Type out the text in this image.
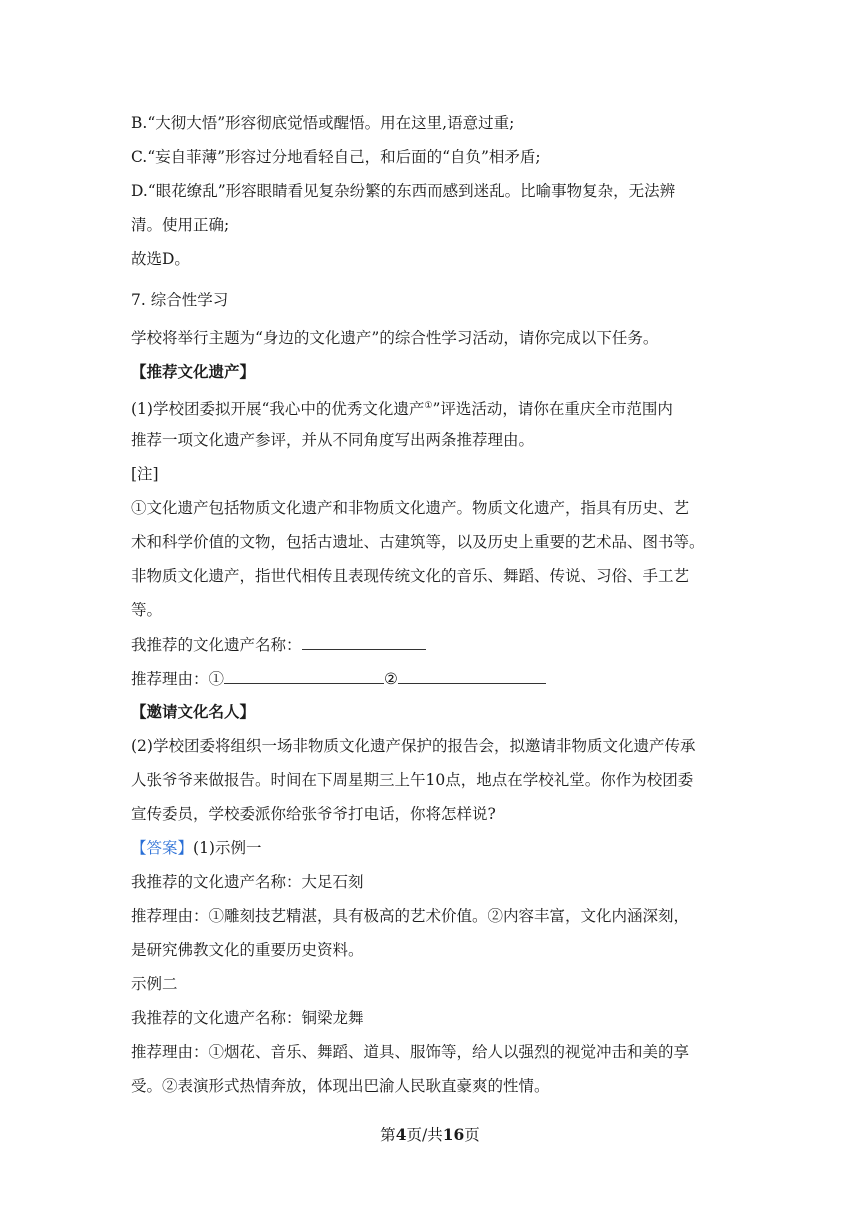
B.“大彻大悟”形容彻底觉悟或醒悟。用在这里,语意过重;
C.“妄自菲薄”形容过分地看轻自己，和后面的“自负”相矛盾;
D.“眼花缭乱”形容眼睛看见复杂纷繁的东西而感到迷乱。比喻事物复杂，无法辨
清。使用正确;
故选D。
7. 综合性学习
学校将举行主题为“身边的文化遗产”的综合性学习活动，请你完成以下任务。
【推荐文化遗产】
(1)学校团委拟开展“我心中的优秀文化遗产①”评选活动，请你在重庆全市范围内
推荐一项文化遗产参评，并从不同角度写出两条推荐理由。
[注]
①文化遗产包括物质文化遗产和非物质文化遗产。物质文化遗产，指具有历史、艺
术和科学价值的文物，包括古遗址、古建筑等，以及历史上重要的艺术品、图书等。
非物质文化遗产，指世代相传且表现传统文化的音乐、舞蹈、传说、习俗、手工艺
等。
我推荐的文化遗产名称：
推荐理由：①	②
【邀请文化名人】
(2)学校团委将组织一场非物质文化遗产保护的报告会，拟邀请非物质文化遗产传承
人张爷爷来做报告。时间在下周星期三上午10点，地点在学校礼堂。你作为校团委
宣传委员，学校委派你给张爷爷打电话，你将怎样说?
【答案】(1)示例一
我推荐的文化遗产名称：大足石刻
推荐理由：①雕刻技艺精湛，具有极高的艺术价值。②内容丰富，文化内涵深刻，
是研究佛教文化的重要历史资料。
示例二
我推荐的文化遗产名称：铜梁龙舞
推荐理由：①烟花、音乐、舞蹈、道具、服饰等，给人以强烈的视觉冲击和美的享
受。②表演形式热情奔放，体现出巴渝人民耿直豪爽的性情。
第4页/共16页
